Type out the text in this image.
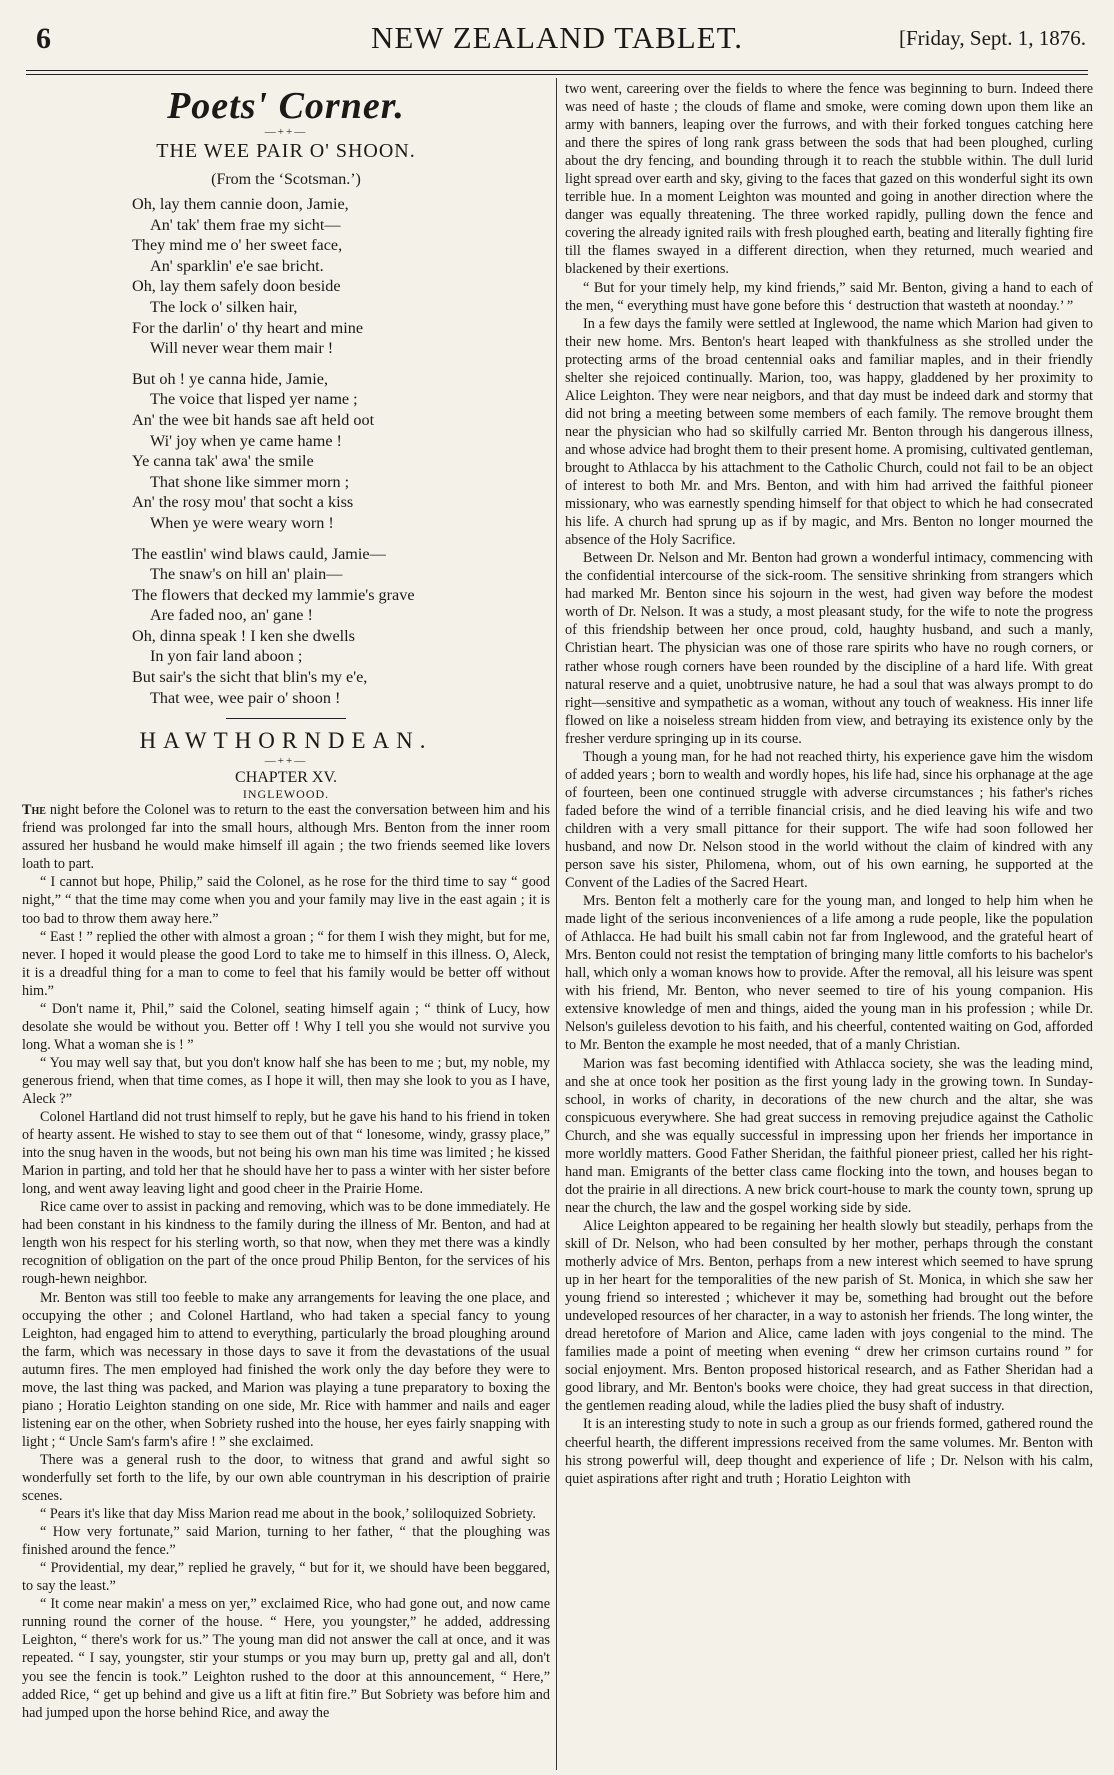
6	NEW ZEALAND TABLET.	[Friday, Sept. 1, 1876.
Poets' Corner.
—++—
THE WEE PAIR O' SHOON.
(From the ‘Scotsman.’)
Oh, lay them cannie doon, Jamie,
An' tak' them frae my sicht—
They mind me o' her sweet face,
An' sparklin' e'e sae bricht.
Oh, lay them safely doon beside
The lock o' silken hair,
For the darlin' o' thy heart and mine
Will never wear them mair !
But oh ! ye canna hide, Jamie,
The voice that lisped yer name ;
An' the wee bit hands sae aft held oot
Wi' joy when ye came hame !
Ye canna tak' awa' the smile
That shone like simmer morn ;
An' the rosy mou' that socht a kiss
When ye were weary worn !
The eastlin' wind blaws cauld, Jamie—
The snaw's on hill an' plain—
The flowers that decked my lammie's grave
Are faded noo, an' gane !
Oh, dinna speak ! I ken she dwells
In yon fair land aboon ;
But sair's the sicht that blin's my e'e,
That wee, wee pair o' shoon !
HAWTHORNDEAN.
—++—
CHAPTER XV.
INGLEWOOD.

The night before the Colonel was to return to the east the conversation between him and his friend was prolonged far into the small hours, although Mrs. Benton from the inner room assured her husband he would make himself ill again ; the two friends seemed like lovers loath to part.

“ I cannot but hope, Philip,” said the Colonel, as he rose for the third time to say “ good night,” “ that the time may come when you and your family may live in the east again ; it is too bad to throw them away here.”

“ East ! ” replied the other with almost a groan ; “ for them I wish they might, but for me, never. I hoped it would please the good Lord to take me to himself in this illness. O, Aleck, it is a dreadful thing for a man to come to feel that his family would be better off without him.”

“ Don't name it, Phil,” said the Colonel, seating himself again ; “ think of Lucy, how desolate she would be without you. Better off ! Why I tell you she would not survive you long. What a woman she is ! ”

“ You may well say that, but you don't know half she has been to me ; but, my noble, my generous friend, when that time comes, as I hope it will, then may she look to you as I have, Aleck ?”

Colonel Hartland did not trust himself to reply, but he gave his hand to his friend in token of hearty assent. He wished to stay to see them out of that “ lonesome, windy, grassy place,” into the snug haven in the woods, but not being his own man his time was limited ; he kissed Marion in parting, and told her that he should have her to pass a winter with her sister before long, and went away leaving light and good cheer in the Prairie Home.

Rice came over to assist in packing and removing, which was to be done immediately. He had been constant in his kindness to the family during the illness of Mr. Benton, and had at length won his respect for his sterling worth, so that now, when they met there was a kindly recognition of obligation on the part of the once proud Philip Benton, for the services of his rough-hewn neighbor.

Mr. Benton was still too feeble to make any arrangements for leaving the one place, and occupying the other ; and Colonel Hartland, who had taken a special fancy to young Leighton, had engaged him to attend to everything, particularly the broad ploughing around the farm, which was necessary in those days to save it from the devastations of the usual autumn fires. The men employed had finished the work only the day before they were to move, the last thing was packed, and Marion was playing a tune preparatory to boxing the piano ; Horatio Leighton standing on one side, Mr. Rice with hammer and nails and eager listening ear on the other, when Sobriety rushed into the house, her eyes fairly snapping with light ; “ Uncle Sam's farm's afire ! ” she exclaimed.

There was a general rush to the door, to witness that grand and awful sight so wonderfully set forth to the life, by our own able countryman in his description of prairie scenes.

“ Pears it's like that day Miss Marion read me about in the book,’ soliloquized Sobriety.

“ How very fortunate,” said Marion, turning to her father, “ that the ploughing was finished around the fence.”

“ Providential, my dear,” replied he gravely, “ but for it, we should have been beggared, to say the least.”

“ It come near makin' a mess on yer,” exclaimed Rice, who had gone out, and now came running round the corner of the house. “ Here, you youngster,” he added, addressing Leighton, “ there's work for us.” The young man did not answer the call at once, and it was repeated. “ I say, youngster, stir your stumps or you may burn up, pretty gal and all, don't you see the fencin is took.” Leighton rushed to the door at this announcement, “ Here,” added Rice, “ get up behind and give us a lift at fitin fire.” But Sobriety was before him and had jumped upon the horse behind Rice, and away the

two went, careering over the fields to where the fence was beginning to burn. Indeed there was need of haste ; the clouds of flame and smoke, were coming down upon them like an army with banners, leaping over the furrows, and with their forked tongues catching here and there the spires of long rank grass between the sods that had been ploughed, curling about the dry fencing, and bounding through it to reach the stubble within. The dull lurid light spread over earth and sky, giving to the faces that gazed on this wonderful sight its own terrible hue. In a moment Leighton was mounted and going in another direction where the danger was equally threatening. The three worked rapidly, pulling down the fence and covering the already ignited rails with fresh ploughed earth, beating and literally fighting fire till the flames swayed in a different direction, when they returned, much wearied and blackened by their exertions.

“ But for your timely help, my kind friends,” said Mr. Benton, giving a hand to each of the men, “ everything must have gone before this ‘ destruction that wasteth at noonday.’ ”

In a few days the family were settled at Inglewood, the name which Marion had given to their new home. Mrs. Benton's heart leaped with thankfulness as she strolled under the protecting arms of the broad centennial oaks and familiar maples, and in their friendly shelter she rejoiced continually. Marion, too, was happy, gladdened by her proximity to Alice Leighton. They were near neigbors, and that day must be indeed dark and stormy that did not bring a meeting between some members of each family. The remove brought them near the physician who had so skilfully carried Mr. Benton through his dangerous illness, and whose advice had broght them to their present home. A promising, cultivated gentleman, brought to Athlacca by his attachment to the Catholic Church, could not fail to be an object of interest to both Mr. and Mrs. Benton, and with him had arrived the faithful pioneer missionary, who was earnestly spending himself for that object to which he had consecrated his life. A church had sprung up as if by magic, and Mrs. Benton no longer mourned the absence of the Holy Sacrifice.

Between Dr. Nelson and Mr. Benton had grown a wonderful intimacy, commencing with the confidential intercourse of the sick-room. The sensitive shrinking from strangers which had marked Mr. Benton since his sojourn in the west, had given way before the modest worth of Dr. Nelson. It was a study, a most pleasant study, for the wife to note the progress of this friendship between her once proud, cold, haughty husband, and such a manly, Christian heart. The physician was one of those rare spirits who have no rough corners, or rather whose rough corners have been rounded by the discipline of a hard life. With great natural reserve and a quiet, unobtrusive nature, he had a soul that was always prompt to do right—sensitive and sympathetic as a woman, without any touch of weakness. His inner life flowed on like a noiseless stream hidden from view, and betraying its existence only by the fresher verdure springing up in its course.

Though a young man, for he had not reached thirty, his experience gave him the wisdom of added years ; born to wealth and wordly hopes, his life had, since his orphanage at the age of fourteen, been one continued struggle with adverse circumstances ; his father's riches faded before the wind of a terrible financial crisis, and he died leaving his wife and two children with a very small pittance for their support. The wife had soon followed her husband, and now Dr. Nelson stood in the world without the claim of kindred with any person save his sister, Philomena, whom, out of his own earning, he supported at the Convent of the Ladies of the Sacred Heart.

Mrs. Benton felt a motherly care for the young man, and longed to help him when he made light of the serious inconveniences of a life among a rude people, like the population of Athlacca. He had built his small cabin not far from Inglewood, and the grateful heart of Mrs. Benton could not resist the temptation of bringing many little comforts to his bachelor's hall, which only a woman knows how to provide. After the removal, all his leisure was spent with his friend, Mr. Benton, who never seemed to tire of his young companion. His extensive knowledge of men and things, aided the young man in his profession ; while Dr. Nelson's guileless devotion to his faith, and his cheerful, contented waiting on God, afforded to Mr. Benton the example he most needed, that of a manly Christian.

Marion was fast becoming identified with Athlacca society, she was the leading mind, and she at once took her position as the first young lady in the growing town. In Sunday-school, in works of charity, in decorations of the new church and the altar, she was conspicuous everywhere. She had great success in removing prejudice against the Catholic Church, and she was equally successful in impressing upon her friends her importance in more worldly matters. Good Father Sheridan, the faithful pioneer priest, called her his right-hand man. Emigrants of the better class came flocking into the town, and houses began to dot the prairie in all directions. A new brick court-house to mark the county town, sprung up near the church, the law and the gospel working side by side.

Alice Leighton appeared to be regaining her health slowly but steadily, perhaps from the skill of Dr. Nelson, who had been consulted by her mother, perhaps through the constant motherly advice of Mrs. Benton, perhaps from a new interest which seemed to have sprung up in her heart for the temporalities of the new parish of St. Monica, in which she saw her young friend so interested ; whichever it may be, something had brought out the before undeveloped resources of her character, in a way to astonish her friends. The long winter, the dread heretofore of Marion and Alice, came laden with joys congenial to the mind. The families made a point of meeting when evening “ drew her crimson curtains round ” for social enjoyment. Mrs. Benton proposed historical research, and as Father Sheridan had a good library, and Mr. Benton's books were choice, they had great success in that direction, the gentlemen reading aloud, while the ladies plied the busy shaft of industry.

It is an interesting study to note in such a group as our friends formed, gathered round the cheerful hearth, the different impressions received from the same volumes. Mr. Benton with his strong powerful will, deep thought and experience of life ; Dr. Nelson with his calm, quiet aspirations after right and truth ; Horatio Leighton with
